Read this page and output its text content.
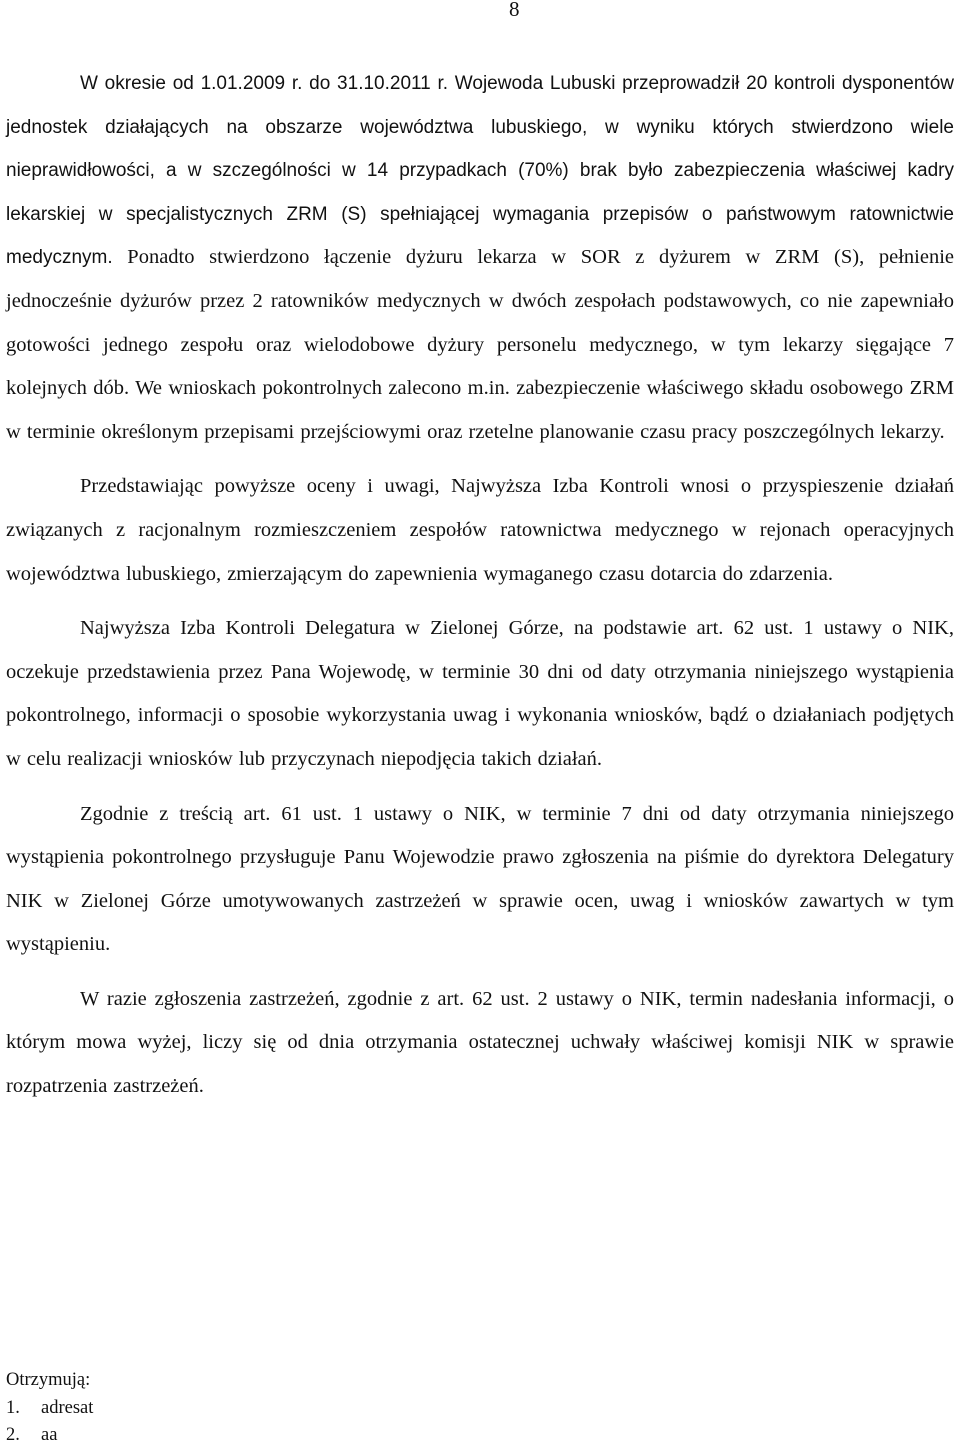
8

W okresie od 1.01.2009 r. do 31.10.2011 r. Wojewoda Lubuski przeprowadził 20 kontroli dysponentów jednostek działających na obszarze województwa lubuskiego, w wyniku których stwierdzono wiele nieprawidłowości, a w szczególności w 14 przypadkach (70%) brak było zabezpieczenia właściwej kadry lekarskiej w specjalistycznych ZRM (S) spełniającej wymagania przepisów o państwowym ratownictwie medycznym. Ponadto stwierdzono łączenie dyżuru lekarza w SOR z dyżurem w ZRM (S), pełnienie jednocześnie dyżurów przez 2 ratowników medycznych w dwóch zespołach podstawowych, co nie zapewniało gotowości jednego zespołu oraz wielodobowe dyżury personelu medycznego, w tym lekarzy sięgające 7 kolejnych dób. We wnioskach pokontrolnych zalecono m.in. zabezpieczenie właściwego składu osobowego ZRM w terminie określonym przepisami przejściowymi oraz rzetelne planowanie czasu pracy poszczególnych lekarzy.

Przedstawiając powyższe oceny i uwagi, Najwyższa Izba Kontroli wnosi o przyspieszenie działań związanych z racjonalnym rozmieszczeniem zespołów ratownictwa medycznego w rejonach operacyjnych województwa lubuskiego, zmierzającym do zapewnienia wymaganego czasu dotarcia do zdarzenia.

Najwyższa Izba Kontroli Delegatura w Zielonej Górze, na podstawie art. 62 ust. 1 ustawy o NIK, oczekuje przedstawienia przez Pana Wojewodę, w terminie 30 dni od daty otrzymania niniejszego wystąpienia pokontrolnego, informacji o sposobie wykorzystania uwag i wykonania wniosków, bądź o działaniach podjętych w celu realizacji wniosków lub przyczynach niepodjęcia takich działań.

Zgodnie z treścią art. 61 ust. 1 ustawy o NIK, w terminie 7 dni od daty otrzymania niniejszego wystąpienia pokontrolnego przysługuje Panu Wojewodzie prawo zgłoszenia na piśmie do dyrektora Delegatury NIK w Zielonej Górze umotywowanych zastrzeżeń w sprawie ocen, uwag i wniosków zawartych w tym wystąpieniu.

W razie zgłoszenia zastrzeżeń, zgodnie z art. 62 ust. 2 ustawy o NIK, termin nadesłania informacji, o którym mowa wyżej, liczy się od dnia otrzymania ostatecznej uchwały właściwej komisji NIK w sprawie rozpatrzenia zastrzeżeń.

Otrzymują:
1. adresat
2. aa
